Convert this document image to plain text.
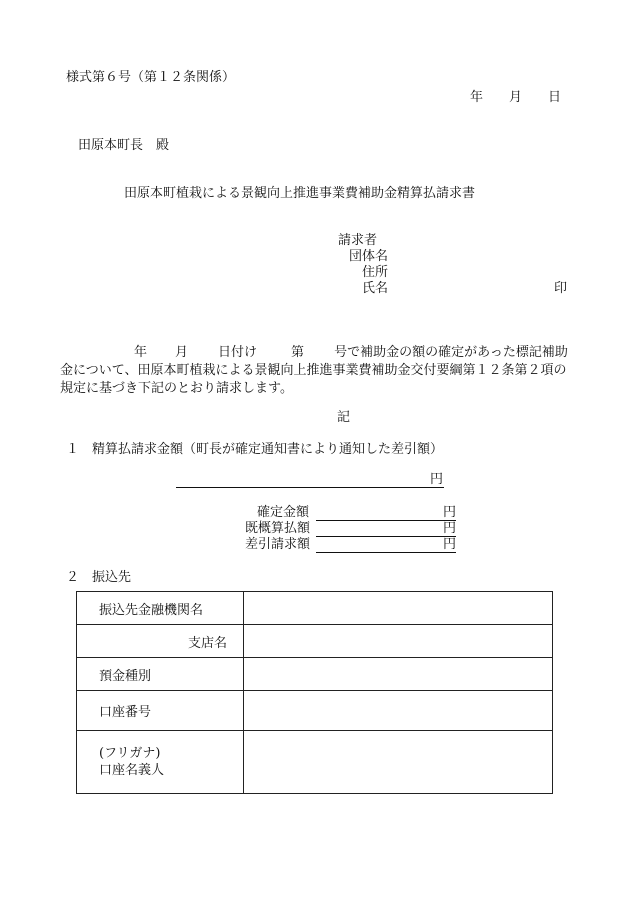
様式第６号（第１２条関係）
年　　月　　日
田原本町長　殿
田原本町植栽による景観向上推進事業費補助金精算払請求書
請求者
団体名
住所
氏名	印
年 月 日付け	第 号で補助金の額の確定があった標記補助金について、田原本町植栽による景観向上推進事業費補助金交付要綱第１２条第２項の規定に基づき下記のとおり請求します。
記
１　精算払請求金額（町長が確定通知書により通知した差引額）
円
確定金額	円
既概算払額	円
差引請求額	円
２　振込先
振込先金融機関名	
支店名	
預金種別	
口座番号	
(フリガナ)
口座名義人	
